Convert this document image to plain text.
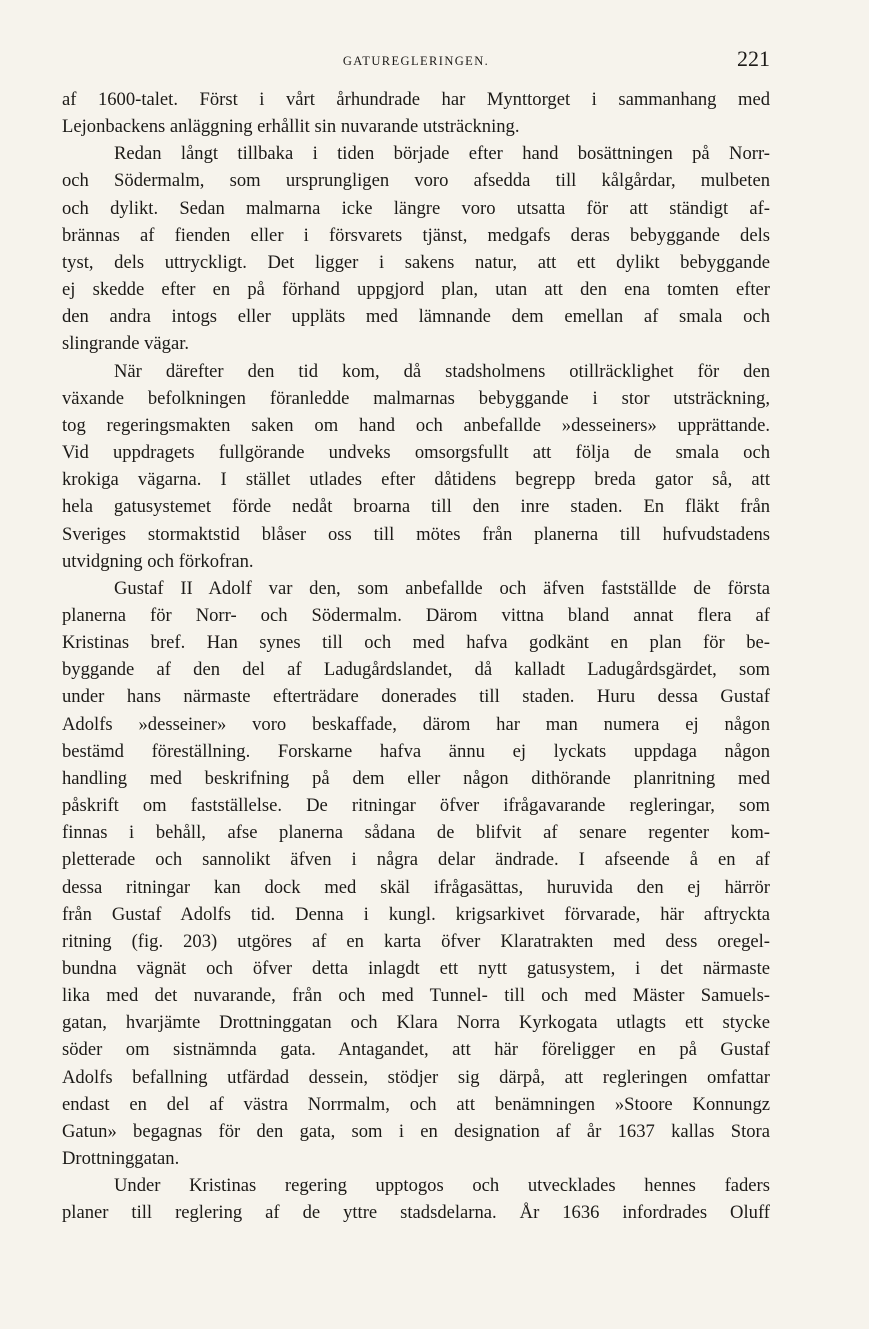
GATUREGLERINGEN.	221
af 1600-talet. Först i vårt århundrade har Mynttorget i sammanhang med
Lejonbackens anläggning erhållit sin nuvarande utsträckning.
Redan långt tillbaka i tiden började efter hand bosättningen på Norr-
och Södermalm, som ursprungligen voro afsedda till kålgårdar, mulbeten
och dylikt. Sedan malmarna icke längre voro utsatta för att ständigt af-
brännas af fienden eller i försvarets tjänst, medgafs deras bebyggande dels
tyst, dels uttryckligt. Det ligger i sakens natur, att ett dylikt bebyggande
ej skedde efter en på förhand uppgjord plan, utan att den ena tomten efter
den andra intogs eller uppläts med lämnande dem emellan af smala och
slingrande vägar.
När därefter den tid kom, då stadsholmens otillräcklighet för den
växande befolkningen föranledde malmarnas bebyggande i stor utsträckning,
tog regeringsmakten saken om hand och anbefallde »desseiners» upprättande.
Vid uppdragets fullgörande undveks omsorgsfullt att följa de smala och
krokiga vägarna. I stället utlades efter dåtidens begrepp breda gator så, att
hela gatusystemet förde nedåt broarna till den inre staden. En fläkt från
Sveriges stormaktstid blåser oss till mötes från planerna till hufvudstadens
utvidgning och förkofran.
Gustaf II Adolf var den, som anbefallde och äfven fastställde de första
planerna för Norr- och Södermalm. Därom vittna bland annat flera af
Kristinas bref. Han synes till och med hafva godkänt en plan för be-
byggande af den del af Ladugårdslandet, då kalladt Ladugårdsgärdet, som
under hans närmaste efterträdare donerades till staden. Huru dessa Gustaf
Adolfs »desseiner» voro beskaffade, därom har man numera ej någon
bestämd föreställning. Forskarne hafva ännu ej lyckats uppdaga någon
handling med beskrifning på dem eller någon dithörande planritning med
påskrift om fastställelse. De ritningar öfver ifrågavarande regleringar, som
finnas i behåll, afse planerna sådana de blifvit af senare regenter kom-
pletterade och sannolikt äfven i några delar ändrade. I afseende å en af
dessa ritningar kan dock med skäl ifrågasättas, huruvida den ej härrör
från Gustaf Adolfs tid. Denna i kungl. krigsarkivet förvarade, här aftryckta
ritning (fig. 203) utgöres af en karta öfver Klaratrakten med dess oregel-
bundna vägnät och öfver detta inlagdt ett nytt gatusystem, i det närmaste
lika med det nuvarande, från och med Tunnel- till och med Mäster Samuels-
gatan, hvarjämte Drottninggatan och Klara Norra Kyrkogata utlagts ett stycke
söder om sistnämnda gata. Antagandet, att här föreligger en på Gustaf
Adolfs befallning utfärdad dessein, stödjer sig därpå, att regleringen omfattar
endast en del af västra Norrmalm, och att benämningen »Stoore Konnungz
Gatun» begagnas för den gata, som i en designation af år 1637 kallas Stora
Drottninggatan.
Under Kristinas regering upptogos och utvecklades hennes faders
planer till reglering af de yttre stadsdelarna. År 1636 infordrades Oluff
